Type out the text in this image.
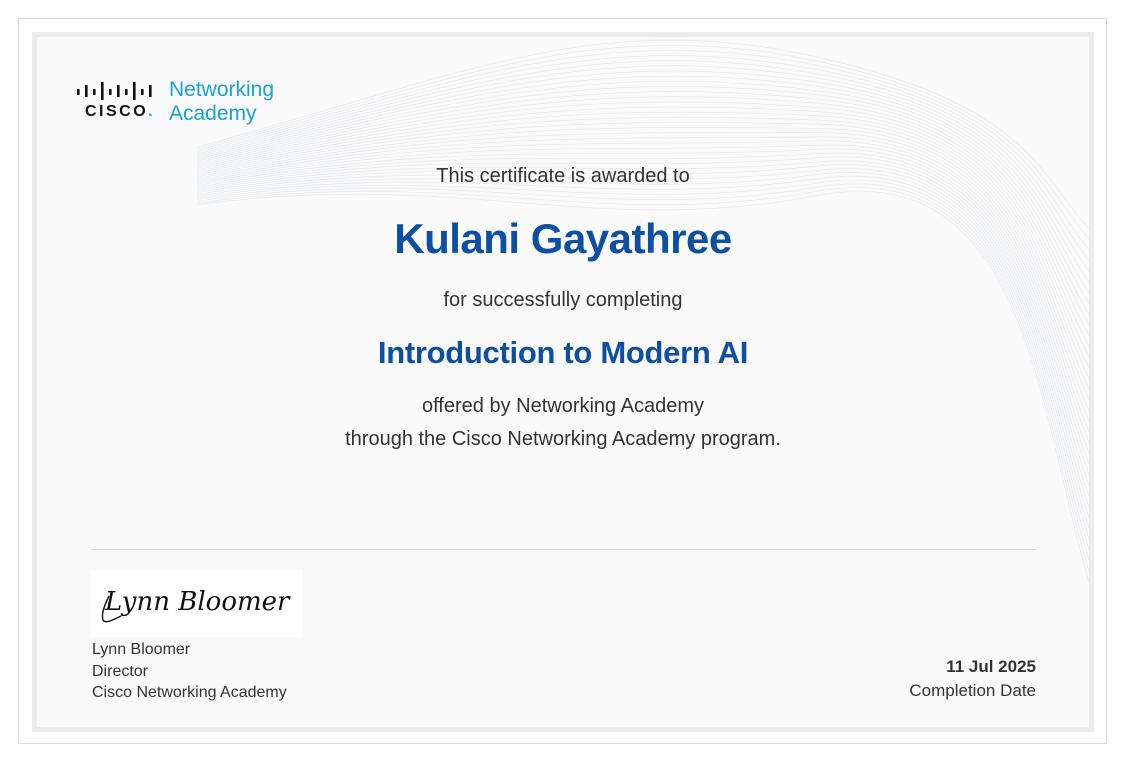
CISCO.
Networking
Academy
This certificate is awarded to
Kulani Gayathree
for successfully completing
Introduction to Modern AI
offered by Networking Academy
through the Cisco Networking Academy program.
Lynn Bloomer
Lynn Bloomer
Director
Cisco Networking Academy
11 Jul 2025
Completion Date
